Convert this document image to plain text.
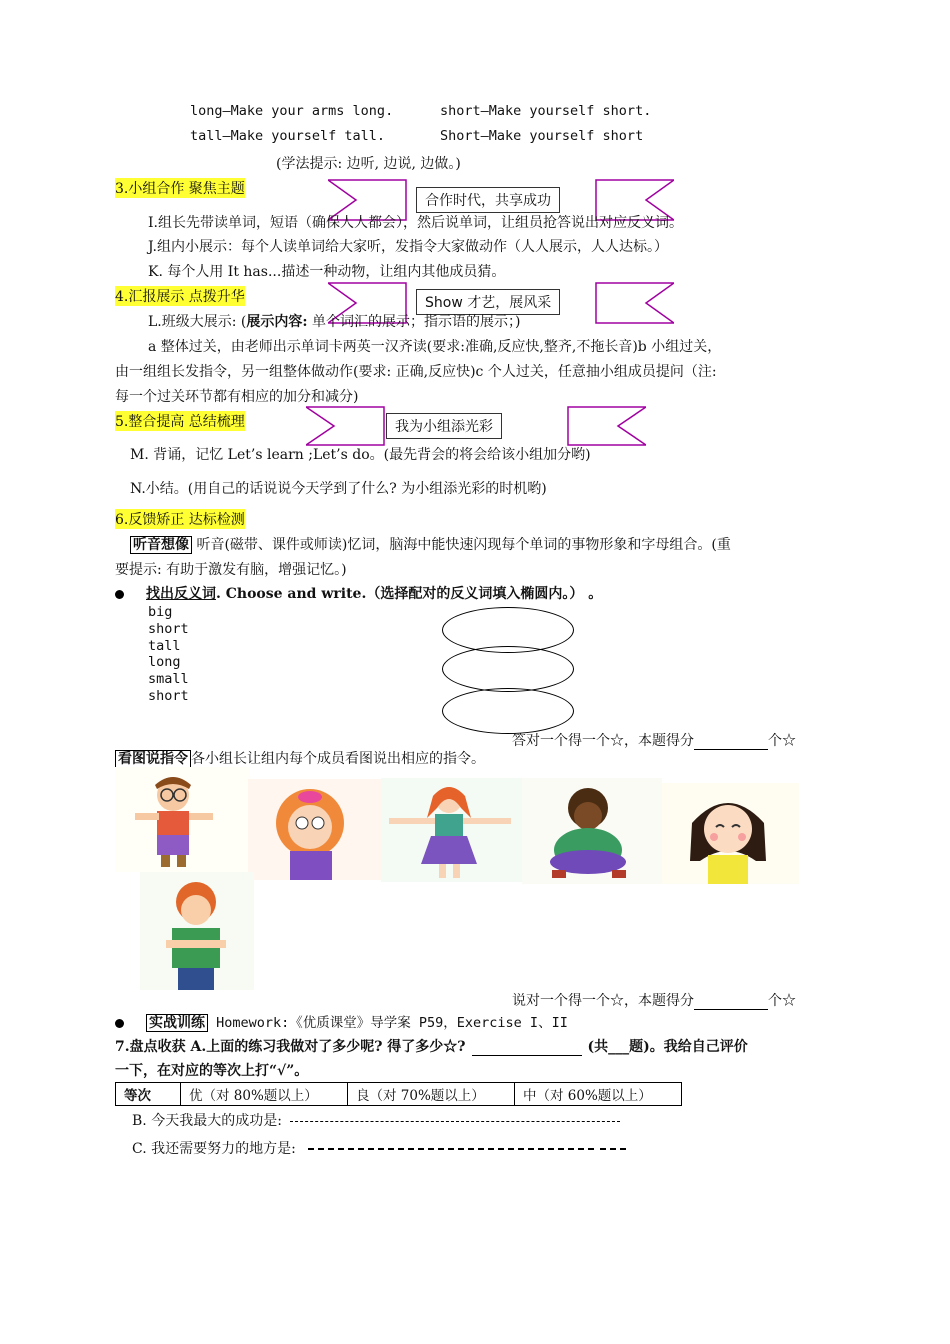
long—Make your arms long.	short—Make yourself short.
tall—Make yourself tall.	Short—Make yourself short
(学法提示: 边听, 边说, 边做。)
3.小组合作 聚焦主题
合作时代，共享成功
I.组长先带读单词，短语（确保人人都会），然后说单词，让组员抢答说出对应反义词。
J.组内小展示：每个人读单词给大家听，发指令大家做动作（人人展示，人人达标。）
K. 每个人用 It has...描述一种动物，让组内其他成员猜。
4.汇报展示 点拨升华	Show 才艺，展风采
L.班级大展示: (展示内容: 单个词汇的展示；指示语的展示；)
a 整体过关，由老师出示单词卡两英一汉齐读(要求:准确,反应快,整齐,不拖长音)b 小组过关，
由一组组长发指令，另一组整体做动作(要求: 正确,反应快)c 个人过关，任意抽小组成员提问（注:
每一个过关环节都有相应的加分和减分)
5.整合提高 总结梳理	我为小组添光彩
M. 背诵，记忆 Let’s learn ;Let’s do。(最先背会的将会给该小组加分哟)
N.小结。(用自己的话说说今天学到了什么? 为小组添光彩的时机哟)
6.反馈矫正 达标检测
听音想像 听音(磁带、课件或师读)忆词，脑海中能快速闪现每个单词的事物形象和字母组合。(重
要提示: 有助于激发有脑，增强记忆。)
找出反义词. Choose and write.（选择配对的反义词填入椭圆内。） 。
big
short
tall
long
small
short
答对一个得一个☆，本题得分	个☆
看图说指令 各小组长让组内每个成员看图说出相应的指令。
说对一个得一个☆，本题得分	个☆
实战训练 Homework:《优质课堂》导学案 P59，Exercise I、II
7.盘点收获 A.上面的练习我做对了多少呢? 得了多少☆?	(共___题)。我给自己评价
一下，在对应的等次上打“√”。
等次	优（对 80%题以上）	良（对 70%题以上）	中（对 60%题以上）
B. 今天我最大的成功是:
C. 我还需要努力的地方是:
